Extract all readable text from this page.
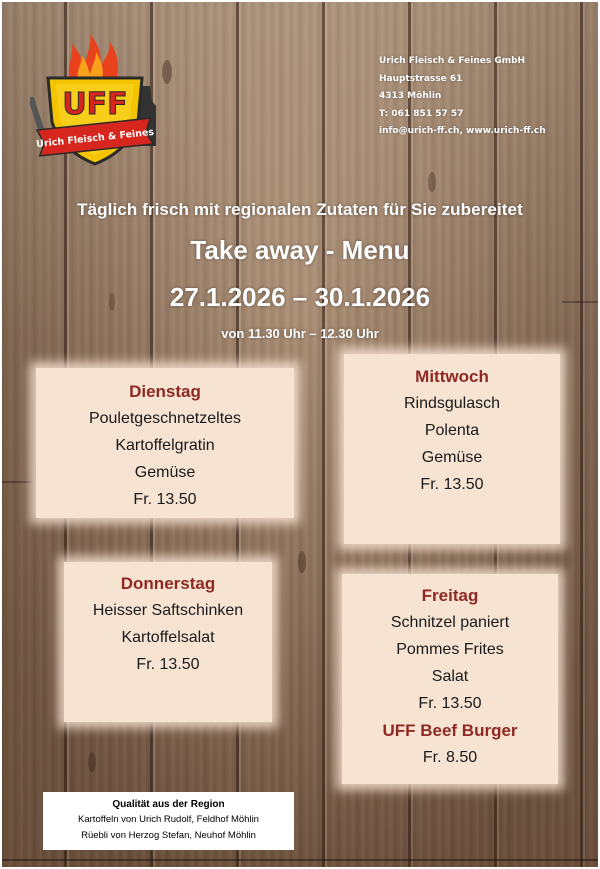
UFF
Urich Fleisch & Feines
Urich Fleisch & Feines GmbH
Hauptstrasse 61
4313 Möhlin
T: 061 851 57 57
info@urich-ff.ch, www.urich-ff.ch
Täglich frisch mit regionalen Zutaten für Sie zubereitet
Take away - Menu
27.1.2026 – 30.1.2026
von 11.30 Uhr – 12.30 Uhr
Dienstag
Pouletgeschnetzeltes
Kartoffelgratin
Gemüse
Fr. 13.50
Mittwoch
Rindsgulasch
Polenta
Gemüse
Fr. 13.50
Donnerstag
Heisser Saftschinken
Kartoffelsalat
Fr. 13.50
Freitag
Schnitzel paniert
Pommes Frites
Salat
Fr. 13.50
UFF Beef Burger
Fr. 8.50
Qualität aus der Region
Kartoffeln von Urich Rudolf, Feldhof Möhlin
Rüebli von Herzog Stefan, Neuhof Möhlin
